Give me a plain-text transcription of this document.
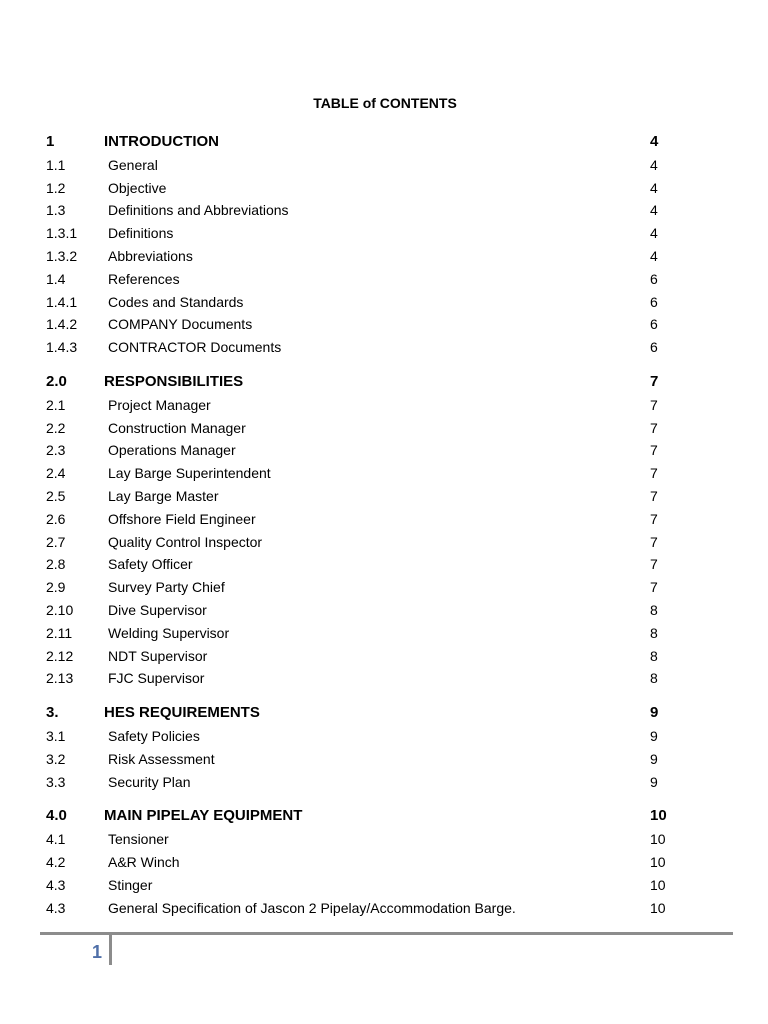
TABLE of CONTENTS
1	INTRODUCTION	4
1.1	General	4
1.2	Objective	4
1.3	Definitions and Abbreviations	4
1.3.1 Definitions	4
1.3.2 Abbreviations	4
1.4	References	6
1.4.1 Codes and Standards	6
1.4.2 COMPANY Documents	6
1.4.3 CONTRACTOR Documents	6
2.0 RESPONSIBILITIES	7
2.1	Project Manager	7
2.2	Construction Manager	7
2.3	Operations Manager	7
2.4	Lay Barge Superintendent	7
2.5	Lay Barge Master	7
2.6	Offshore Field Engineer	7
2.7	Quality Control Inspector	7
2.8	Safety Officer	7
2.9	Survey Party Chief	7
2.10 Dive Supervisor	8
2.11	Welding Supervisor	8
2.12 NDT Supervisor	8
2.13 FJC Supervisor	8
3.	HES REQUIREMENTS	9
3.1	Safety Policies	9
3.2	Risk Assessment	9
3.3	Security Plan	9
4.0 MAIN PIPELAY EQUIPMENT	10
4.1	Tensioner	10
4.2	A&R Winch	10
4.3	Stinger	10
4.3	General Specification of Jascon 2 Pipelay/Accommodation Barge.	10
1
